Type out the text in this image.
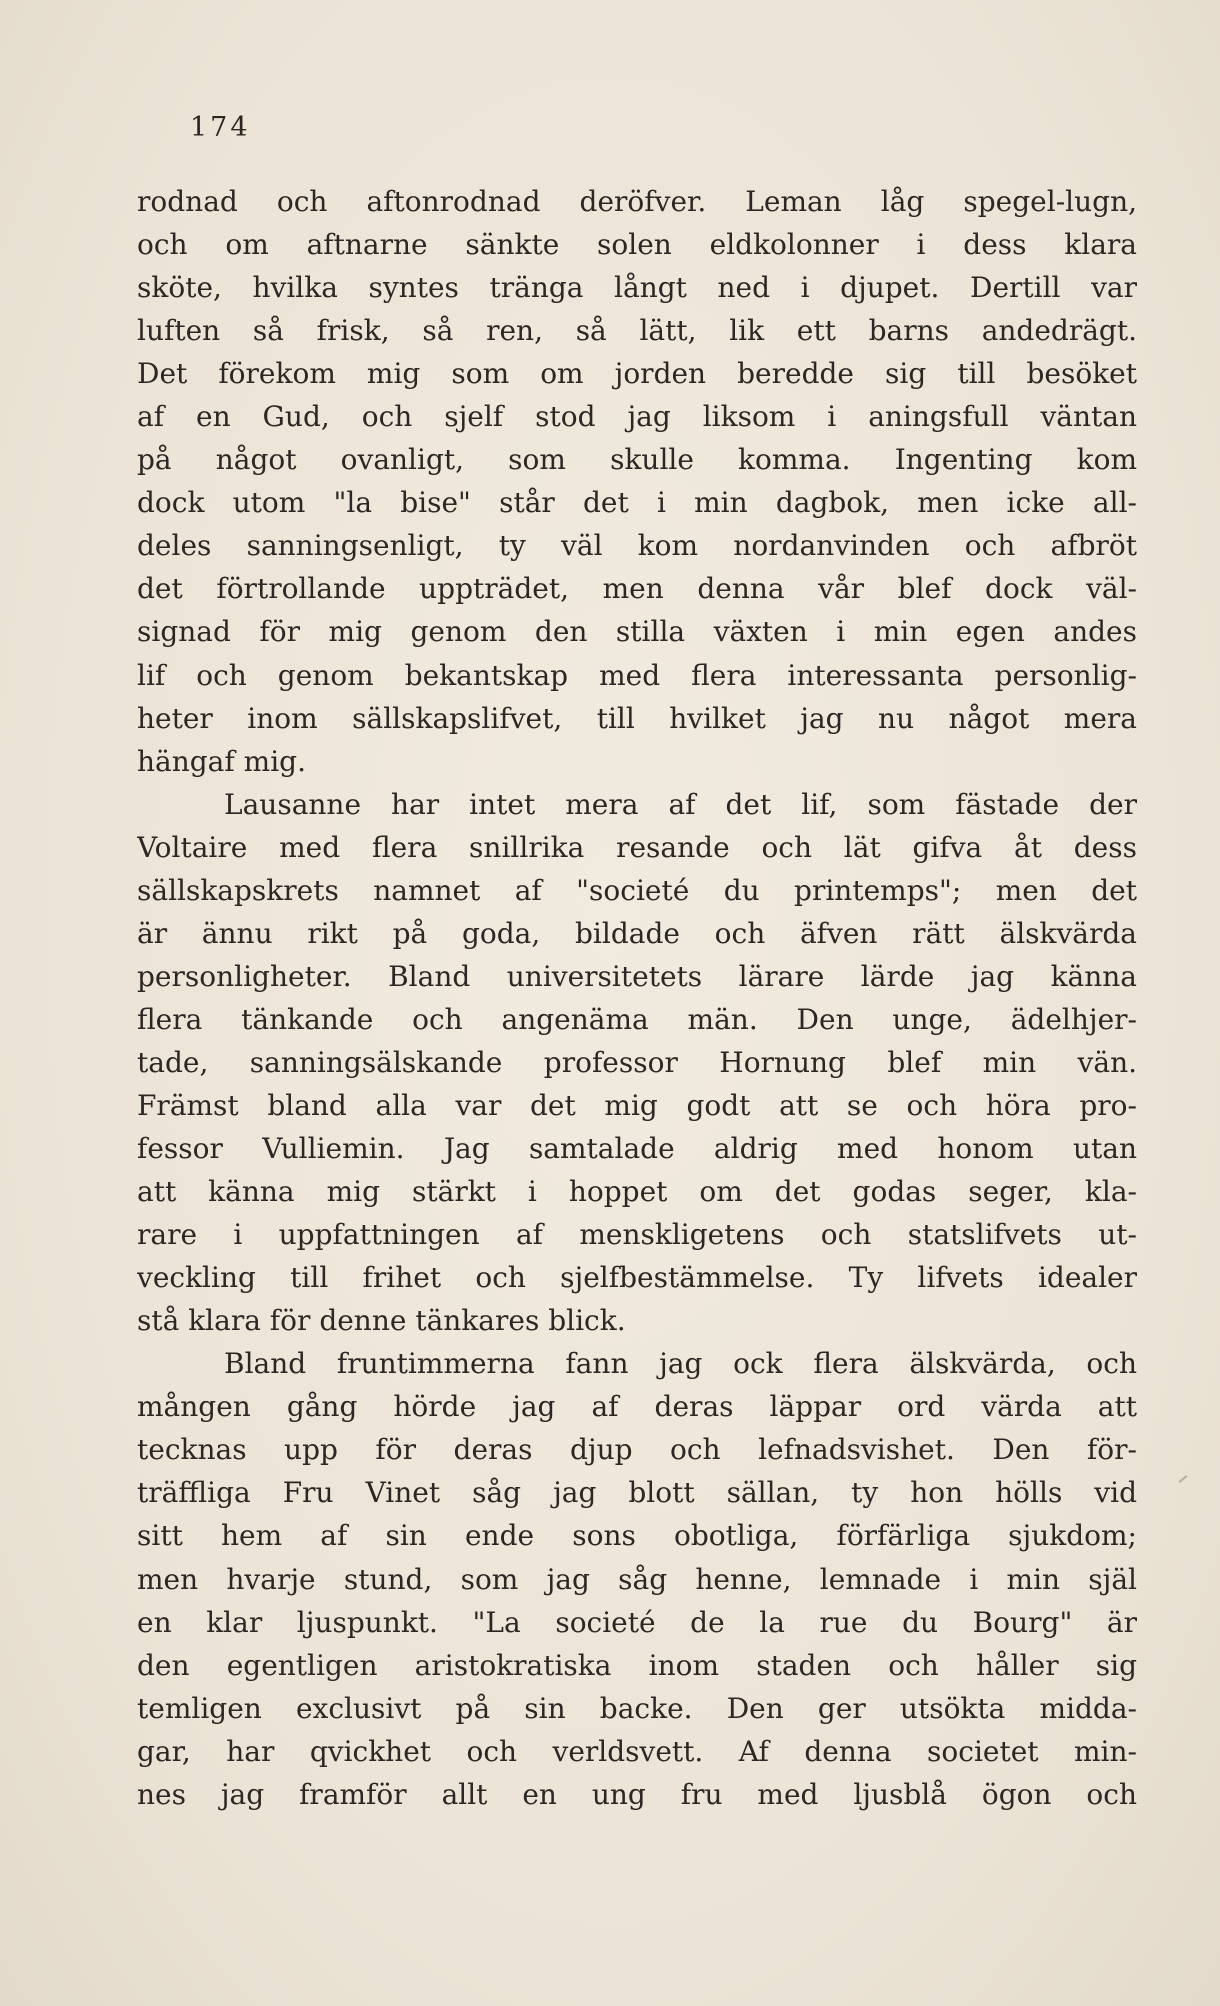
174
rodnad och aftonrodnad deröfver. Leman låg spegel-lugn,
och om aftnarne sänkte solen eldkolonner i dess klara
sköte, hvilka syntes tränga långt ned i djupet. Dertill var
luften så frisk, så ren, så lätt, lik ett barns andedrägt.
Det förekom mig som om jorden beredde sig till besöket
af en Gud, och sjelf stod jag liksom i aningsfull väntan
på något ovanligt, som skulle komma. Ingenting kom
dock utom "la bise" står det i min dagbok, men icke all-
deles sanningsenligt, ty väl kom nordanvinden och afbröt
det förtrollande uppträdet, men denna vår blef dock väl-
signad för mig genom den stilla växten i min egen andes
lif och genom bekantskap med flera interessanta personlig-
heter inom sällskapslifvet, till hvilket jag nu något mera
hängaf mig.
Lausanne har intet mera af det lif, som fästade der
Voltaire med flera snillrika resande och lät gifva åt dess
sällskapskrets namnet af "societé du printemps"; men det
är ännu rikt på goda, bildade och äfven rätt älskvärda
personligheter. Bland universitetets lärare lärde jag känna
flera tänkande och angenäma män. Den unge, ädelhjer-
tade, sanningsälskande professor Hornung blef min vän.
Främst bland alla var det mig godt att se och höra pro-
fessor Vulliemin. Jag samtalade aldrig med honom utan
att känna mig stärkt i hoppet om det godas seger, kla-
rare i uppfattningen af menskligetens och statslifvets ut-
veckling till frihet och sjelfbestämmelse. Ty lifvets idealer
stå klara för denne tänkares blick.
Bland fruntimmerna fann jag ock flera älskvärda, och
mången gång hörde jag af deras läppar ord värda att
tecknas upp för deras djup och lefnadsvishet. Den för-
träffliga Fru Vinet såg jag blott sällan, ty hon hölls vid
sitt hem af sin ende sons obotliga, förfärliga sjukdom;
men hvarje stund, som jag såg henne, lemnade i min själ
en klar ljuspunkt. "La societé de la rue du Bourg" är
den egentligen aristokratiska inom staden och håller sig
temligen exclusivt på sin backe. Den ger utsökta midda-
gar, har qvickhet och verldsvett. Af denna societet min-
nes jag framför allt en ung fru med ljusblå ögon och
